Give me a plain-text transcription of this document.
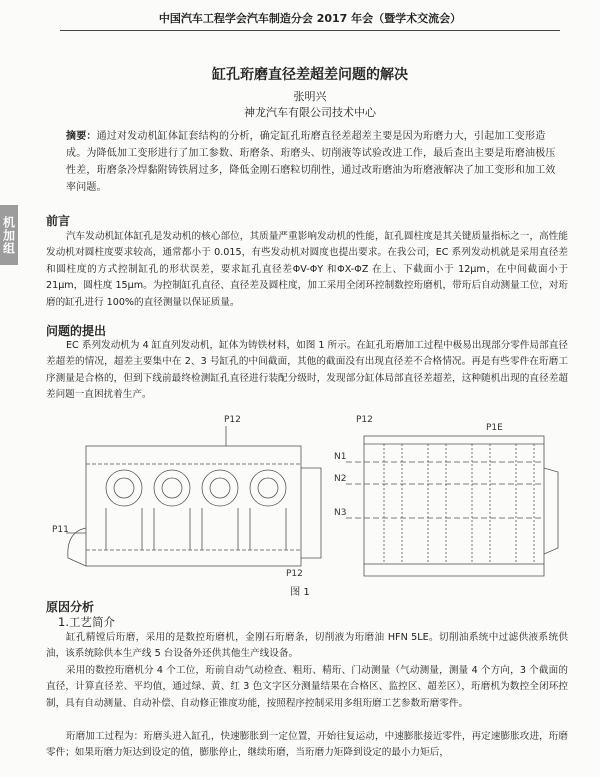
中国汽车工程学会汽车制造分会 2017 年会（暨学术交流会）
机加组
缸孔珩磨直径差超差问题的解决
张明兴
神龙汽车有限公司技术中心
摘要：通过对发动机缸体缸套结构的分析，确定缸孔珩磨直径差超差主要是因为珩磨力大，引起加工变形造成。为降低加工变形进行了加工参数、珩磨条、珩磨头、切削液等试验改进工作，最后查出主要是珩磨油极压性差，珩磨条冷焊黏附铸铁屑过多，降低金刚石磨粒切削性，通过改珩磨油为珩磨液解决了加工变形和加工效率问题。
前言
汽车发动机缸体缸孔是发动机的核心部位，其质量严重影响发动机的性能，缸孔圆柱度是其关键质量指标之一，高性能发动机对圆柱度要求较高，通常都小于 0.015，有些发动机对圆度也提出要求。在我公司，EC 系列发动机就是采用直径差和圆柱度的方式控制缸孔的形状误差，要求缸孔直径差ΦV-ΦY 和ΦX-ΦZ 在上、下截面小于 12μm，在中间截面小于 21μm，圆柱度 15μm。为控制缸孔直径、直径差及圆柱度，加工采用全闭环控制数控珩磨机，带珩后自动测量工位，对珩磨的缸孔进行 100%的直径测量以保证质量。
问题的提出
EC 系列发动机为 4 缸直列发动机，缸体为铸铁材料，如图 1 所示。在缸孔珩磨加工过程中极易出现部分零件局部直径差超差的情况，超差主要集中在 2、3 号缸孔的中间截面，其他的截面没有出现直径差不合格情况。再是有些零件在珩磨工序测量是合格的，但到下线前最终检测缸孔直径进行装配分级时，发现部分缸体局部直径差超差，这种随机出现的直径差超差问题一直困扰着生产。
P12
P11
P12
N1
N2
N3
P12
P1E
图 1
原因分析
1.工艺简介
缸孔精镗后珩磨，采用的是数控珩磨机，金刚石珩磨条，切削液为珩磨油 HFN 5LE。切削油系统中过滤供液系统供油，该系统除供本生产线 5 台设备外还供其他生产线设备。
采用的数控珩磨机分 4 个工位，珩前自动气动检查、粗珩、精珩、门动测量（气动测量，测量 4 个方向，3 个截面的直径，计算直径差、平均值，通过绿、黄、红 3 色文字区分测量结果在合格区、监控区、超差区），珩磨机为数控全闭环控制，具有自动测量、自动补偿、自动修正锥度功能，按照程序控制采用多组珩磨工艺参数珩磨零件。
珩磨加工过程为：珩磨头进入缸孔，快速膨胀到一定位置，开始往复运动，中速膨胀接近零件，再定速膨胀攻进，珩磨零件；如果珩磨力矩达到设定的值，膨胀停止，继续珩磨，当珩磨力矩降到设定的最小力矩后，
